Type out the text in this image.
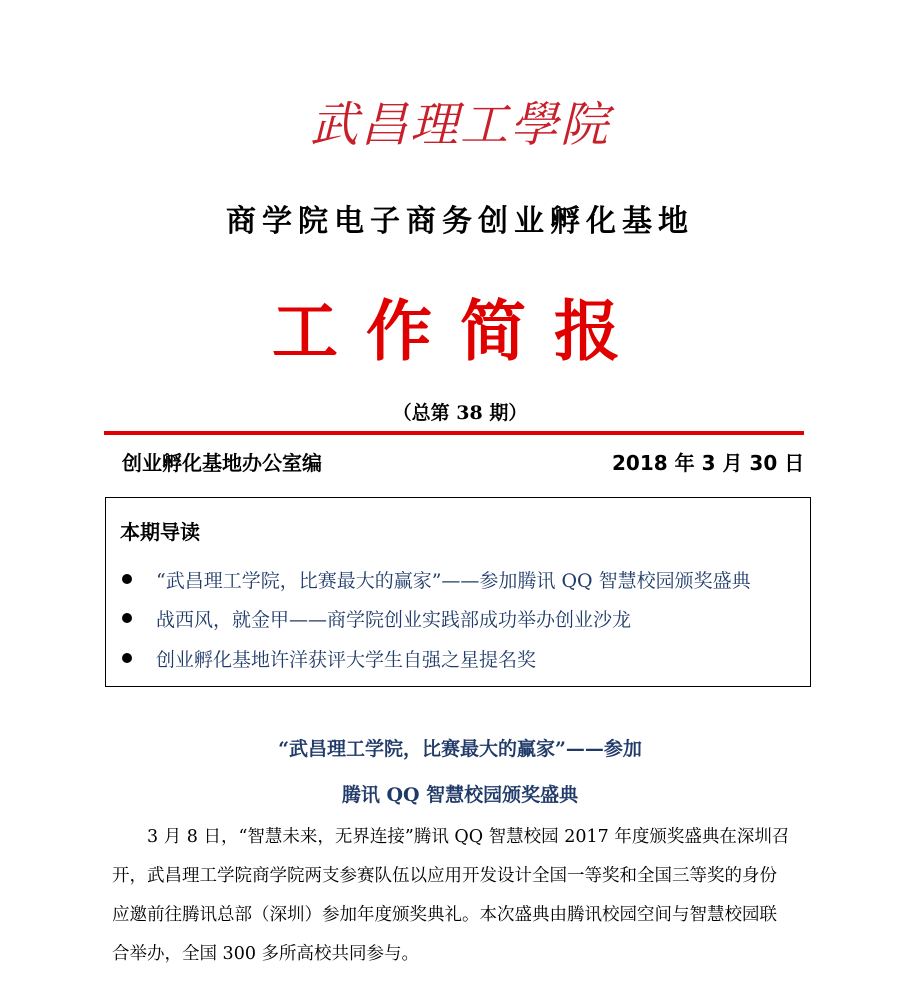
武昌理工學院
商学院电子商务创业孵化基地
工作简报
（总第 38 期）
创业孵化基地办公室编	2018 年 3 月 30 日
本期导读
“武昌理工学院，比赛最大的赢家”——参加腾讯 QQ 智慧校园颁奖盛典
战西风，就金甲——商学院创业实践部成功举办创业沙龙
创业孵化基地许洋获评大学生自强之星提名奖
“武昌理工学院，比赛最大的赢家”——参加
腾讯 QQ 智慧校园颁奖盛典
　　3 月 8 日，“智慧未来，无界连接”腾讯 QQ 智慧校园 2017 年度颁奖盛典在深圳召
开，武昌理工学院商学院两支参赛队伍以应用开发设计全国一等奖和全国三等奖的身份
应邀前往腾讯总部（深圳）参加年度颁奖典礼。本次盛典由腾讯校园空间与智慧校园联
合举办，全国 300 多所高校共同参与。
